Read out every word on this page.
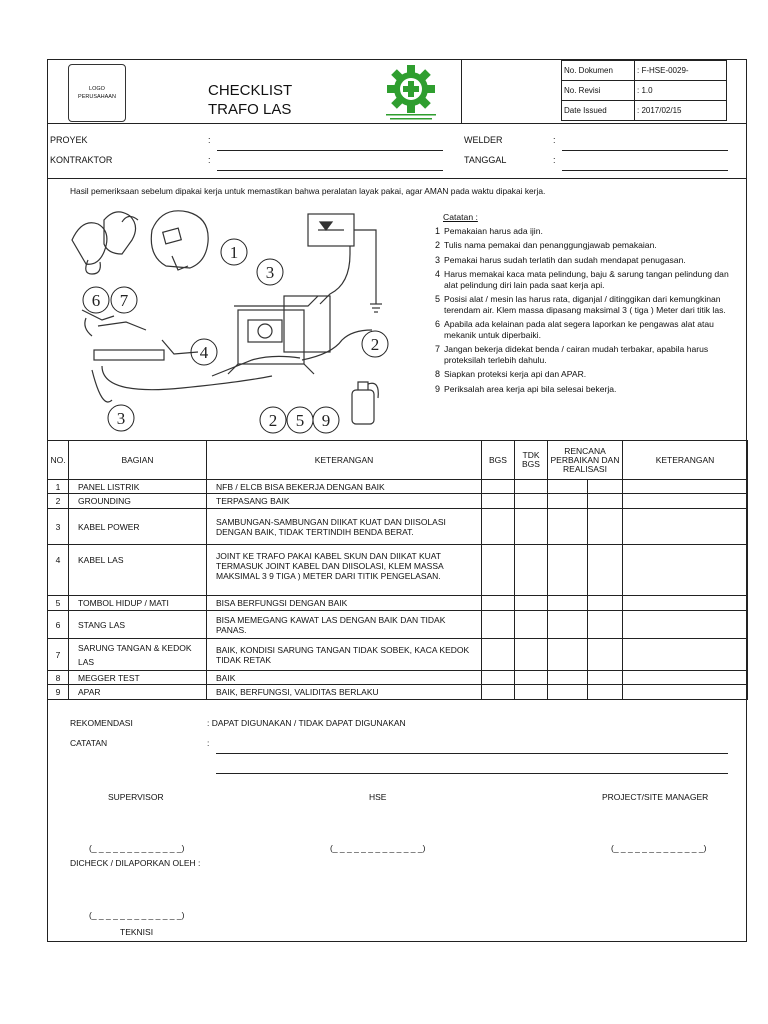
LOGO
PERUSAHAAN	CHECKLIST
TRAFO LAS
No. Dokumen	: F-HSE-0029-
No. Revisi	: 1.0
Date Issued	: 2017/02/15
PROYEK	:
KONTRAKTOR	:
WELDER	:
TANGGAL	:
Hasil pemeriksaan sebelum dipakai kerja untuk memastikan bahwa peralatan layak pakai, agar AMAN pada waktu dipakai kerja.
1
2
3
4
5
6 7
9
3	2
Catatan :
1 Pemakaian harus ada ijin.
2 Tulis nama pemakai dan penanggungjawab pemakaian.
3 Pemakai harus sudah terlatih dan sudah mendapat penugasan.
4 Harus memakai kaca mata pelindung, baju & sarung tangan pelindung dan alat pelindung diri lain pada saat kerja api.
5 Posisi alat / mesin las harus rata, diganjal / ditinggikan dari kemungkinan terendam air. Klem massa dipasang maksimal 3 ( tiga ) Meter dari titik las.
6 Apabila ada kelainan pada alat segera laporkan ke pengawas alat atau mekanik untuk diperbaiki.
7 Jangan bekerja didekat benda / cairan mudah terbakar, apabila harus proteksilah terlebih dahulu.
8 Siapkan proteksi kerja api dan APAR.
9 Periksalah area kerja api bila selesai bekerja.
NO.	BAGIAN	KETERANGAN	BGS	TDK BGS	RENCANA PERBAIKAN DAN REALISASI		KETERANGAN
1	PANEL LISTRIK	NFB / ELCB BISA BEKERJA DENGAN BAIK					
2	GROUNDING	TERPASANG BAIK					
3	KABEL POWER	SAMBUNGAN-SAMBUNGAN DIIKAT KUAT DAN DIISOLASI DENGAN BAIK, TIDAK TERTINDIH BENDA BERAT.					
4	KABEL LAS	JOINT KE TRAFO PAKAI KABEL SKUN DAN DIIKAT KUAT TERMASUK JOINT KABEL DAN DIISOLASI, KLEM MASSA MAKSIMAL 3 9 TIGA ) METER DARI TITIK PENGELASAN.					
5	TOMBOL HIDUP / MATI	BISA BERFUNGSI DENGAN BAIK					
6	STANG LAS	BISA MEMEGANG KAWAT LAS DENGAN BAIK DAN TIDAK PANAS.					
7	SARUNG TANGAN & KEDOK LAS	BAIK, KONDISI SARUNG TANGAN TIDAK SOBEK, KACA KEDOK TIDAK RETAK					
8	MEGGER TEST	BAIK					
9	APAR	BAIK, BERFUNGSI, VALIDITAS BERLAKU					
REKOMENDASI	: DAPAT DIGUNAKAN / TIDAK DAPAT DIGUNAKAN
CATATAN	:
SUPERVISOR	HSE	PROJECT/SITE MANAGER
(_ _ _ _ _ _ _ _ _ _ _ _ _)	(_ _ _ _ _ _ _ _ _ _ _ _ _)	(_ _ _ _ _ _ _ _ _ _ _ _ _)
DICHECK / DILAPORKAN OLEH :
(_ _ _ _ _ _ _ _ _ _ _ _ _)
TEKNISI
